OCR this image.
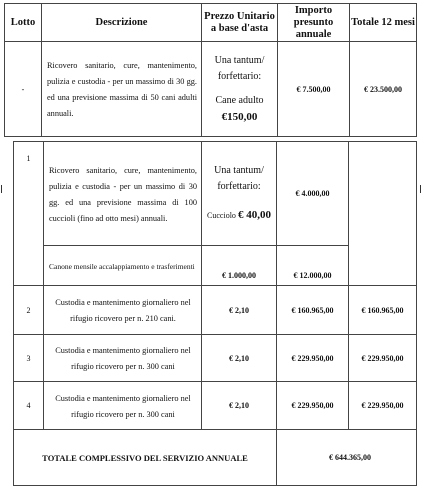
Lotto	Descrizione	Prezzo Unitario a base d'asta	Importo presunto annuale	Totale 12 mesi
-	Ricovero sanitario, cure, mantenimento, pulizia e custodia - per un massimo di 30 gg. ed una previsione massima di 50 cani adulti annuali.	Una tantum/
forfettario:
Cane adulto
€150,00	€ 7.500,00	€ 23.500,00
1	Ricovero sanitario, cure, mantenimento, pulizia e custodia - per un massimo di 30 gg. ed una previsione massima di 100 cuccioli (fino ad otto mesi) annuali.	Una tantum/
forfettario:
Cucciolo € 40,00	€ 4.000,00	
	Canone mensile accalappiamento e trasferimenti	€ 1.000,00	€ 12.000,00	
2	Custodia e mantenimento giornaliero nel rifugio ricovero per n. 210 cani.	€ 2,10	€ 160.965,00	€ 160.965,00
3	Custodia e mantenimento giornaliero nel rifugio ricovero per n. 300 cani	€ 2,10	€ 229.950,00	€ 229.950,00
4	Custodia e mantenimento giornaliero nel rifugio ricovero per n. 300 cani	€ 2,10	€ 229.950,00	€ 229.950,00
TOTALE COMPLESSIVO DEL SERVIZIO ANNUALE			€ 644.365,00	
